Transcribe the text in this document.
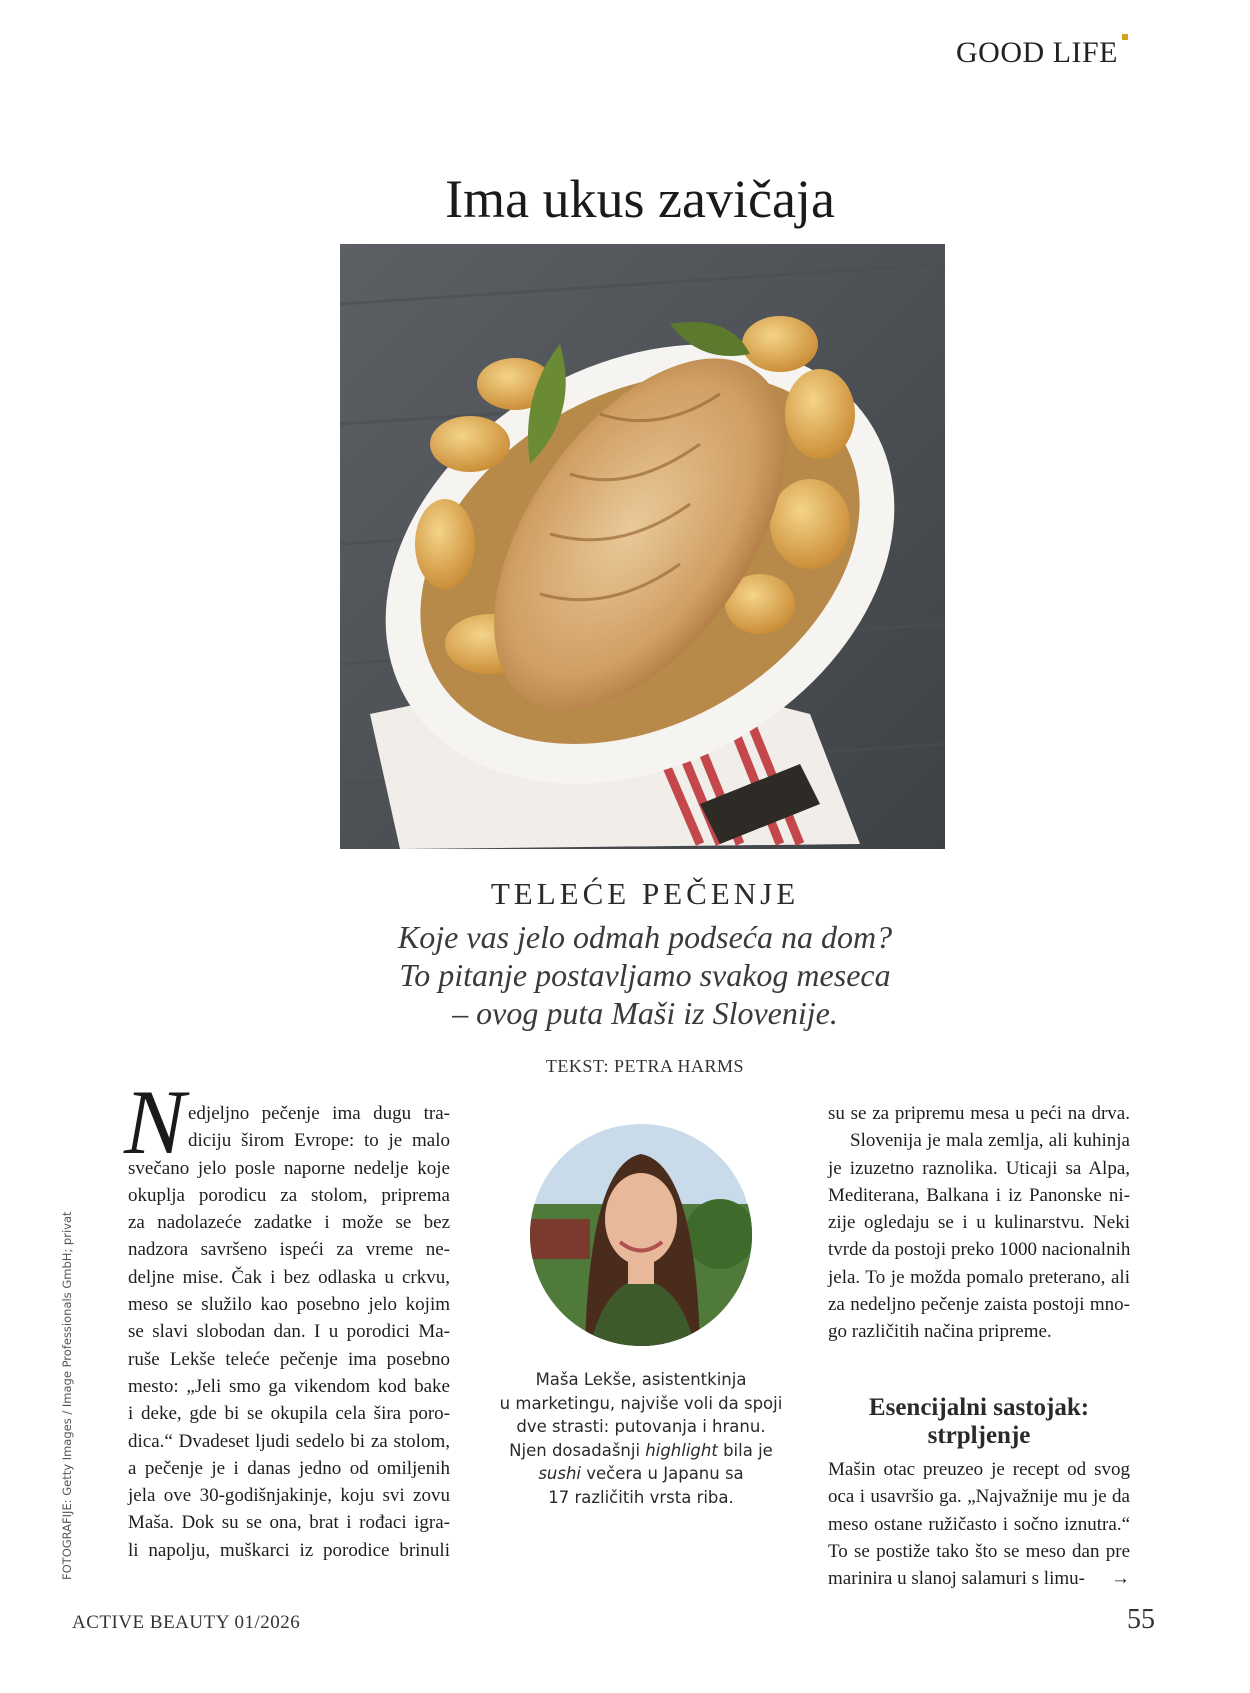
GOOD LIFE
Ima ukus zavičaja
TELEĆE PEČENJE
Koje vas jelo odmah podseća na dom?
To pitanje postavljamo svakog meseca
– ovog puta Maši iz Slovenije.
TEKST: PETRA HARMS
N edjeljno pečenje ima dugu tra-
diciju širom Evrope: to je malo
svečano jelo posle naporne nedelje koje
okuplja porodicu za stolom, priprema
za nadolazeće zadatke i može se bez
nadzora savršeno ispeći za vreme ne-
deljne mise. Čak i bez odlaska u crkvu,
meso se služilo kao posebno jelo kojim
se slavi slobodan dan. I u porodici Ma-
ruše Lekše teleće pečenje ima posebno
mesto: „Jeli smo ga vikendom kod bake
i deke, gde bi se okupila cela šira poro-
dica.“ Dvadeset ljudi sedelo bi za stolom,
a pečenje je i danas jedno od omiljenih
jela ove 30-godišnjakinje, koju svi zovu
Maša. Dok su se ona, brat i rođaci igra-
li napolju, muškarci iz porodice brinuli
Maša Lekše, asistentkinja
u marketingu, najviše voli da spoji
dve strasti: putovanja i hranu.
Njen dosadašnji highlight bila je
sushi večera u Japanu sa
17 različitih vrsta riba.
su se za pripremu mesa u peći na drva.
Slovenija je mala zemlja, ali kuhinja
je izuzetno raznolika. Uticaji sa Alpa,
Mediterana, Balkana i iz Panonske ni-
zije ogledaju se i u kulinarstvu. Neki
tvrde da postoji preko 1000 nacionalnih
jela. To je možda pomalo preterano, ali
za nedeljno pečenje zaista postoji mno-
go različitih načina pripreme.
Esencijalni sastojak:
strpljenje
Mašin otac preuzeo je recept od svog
oca i usavršio ga. „Najvažnije mu je da
meso ostane ružičasto i sočno iznutra.“
To se postiže tako što se meso dan pre
marinira u slanoj salamuri s limu- →
FOTOGRAFIJE: Getty Images / Image Professionals GmbH; privat
ACTIVE BEAUTY 01/2026	55
